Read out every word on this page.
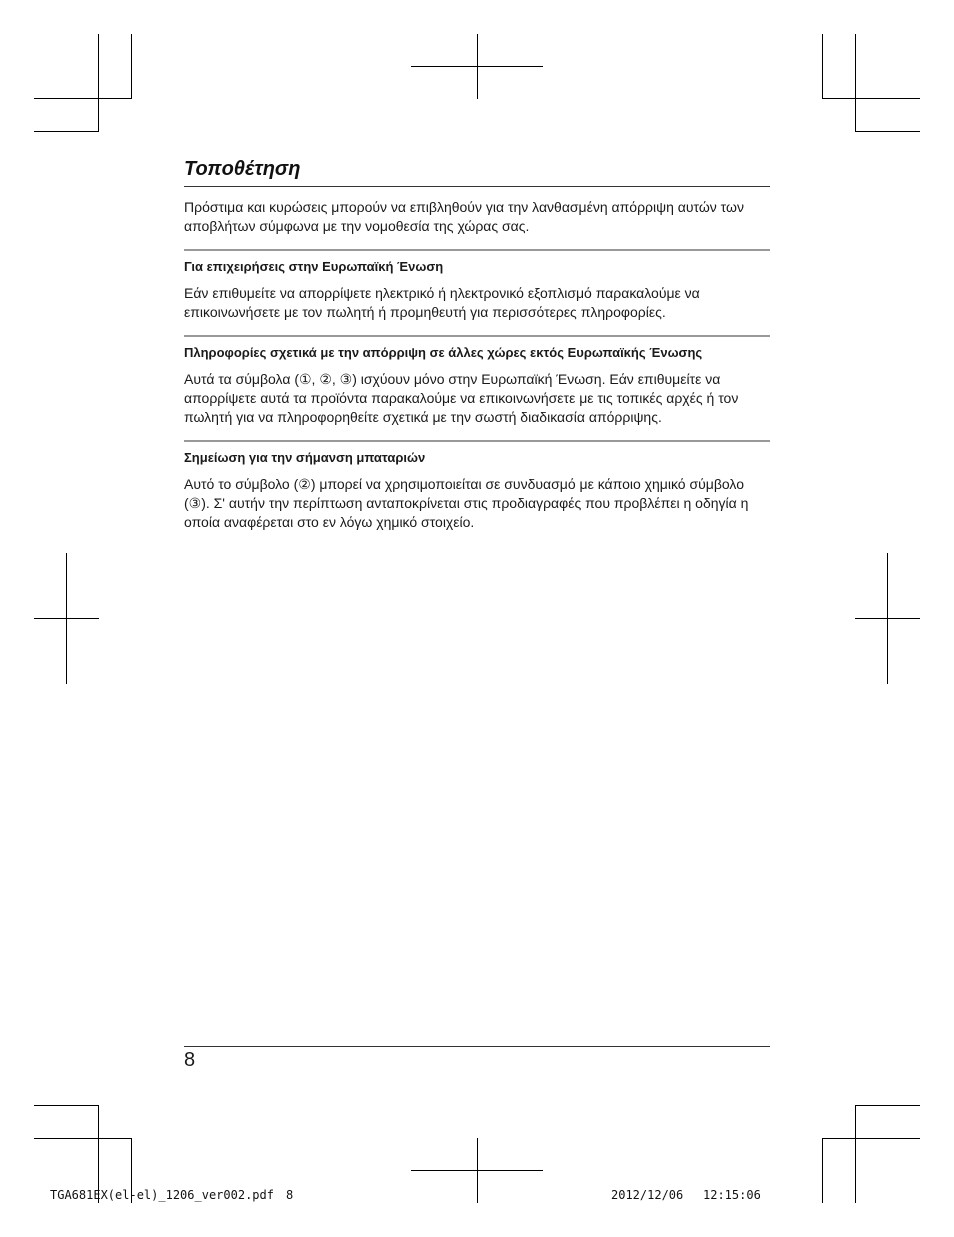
Τοποθέτηση

Πρόστιμα και κυρώσεις μπορούν να επιβληθούν για την λανθασμένη απόρριψη αυτών των αποβλήτων σύμφωνα με την νομοθεσία της χώρας σας.

Για επιχειρήσεις στην Ευρωπαϊκή Ένωση

Εάν επιθυμείτε να απορρίψετε ηλεκτρικό ή ηλεκτρονικό εξοπλισμό παρακαλούμε να επικοινωνήσετε με τον πωλητή ή προμηθευτή για περισσότερες πληροφορίες.

Πληροφορίες σχετικά με την απόρριψη σε άλλες χώρες εκτός Ευρωπαϊκής Ένωσης

Αυτά τα σύμβολα (①, ②, ③) ισχύουν μόνο στην Ευρωπαϊκή Ένωση. Εάν επιθυμείτε να απορρίψετε αυτά τα προϊόντα παρακαλούμε να επικοινωνήσετε με τις τοπικές αρχές ή τον πωλητή για να πληροφορηθείτε σχετικά με την σωστή διαδικασία απόρριψης.

Σημείωση για την σήμανση μπαταριών

Αυτό το σύμβολο (②) μπορεί να χρησιμοποιείται σε συνδυασμό με κάποιο χημικό σύμβολο (③). Σ' αυτήν την περίπτωση ανταποκρίνεται στις προδιαγραφές που προβλέπει η οδηγία η οποία αναφέρεται στο εν λόγω χημικό στοιχείο.

8
TGA681EX(el-el)_1206_ver002.pdf 8	2012/12/06 12:15:06
